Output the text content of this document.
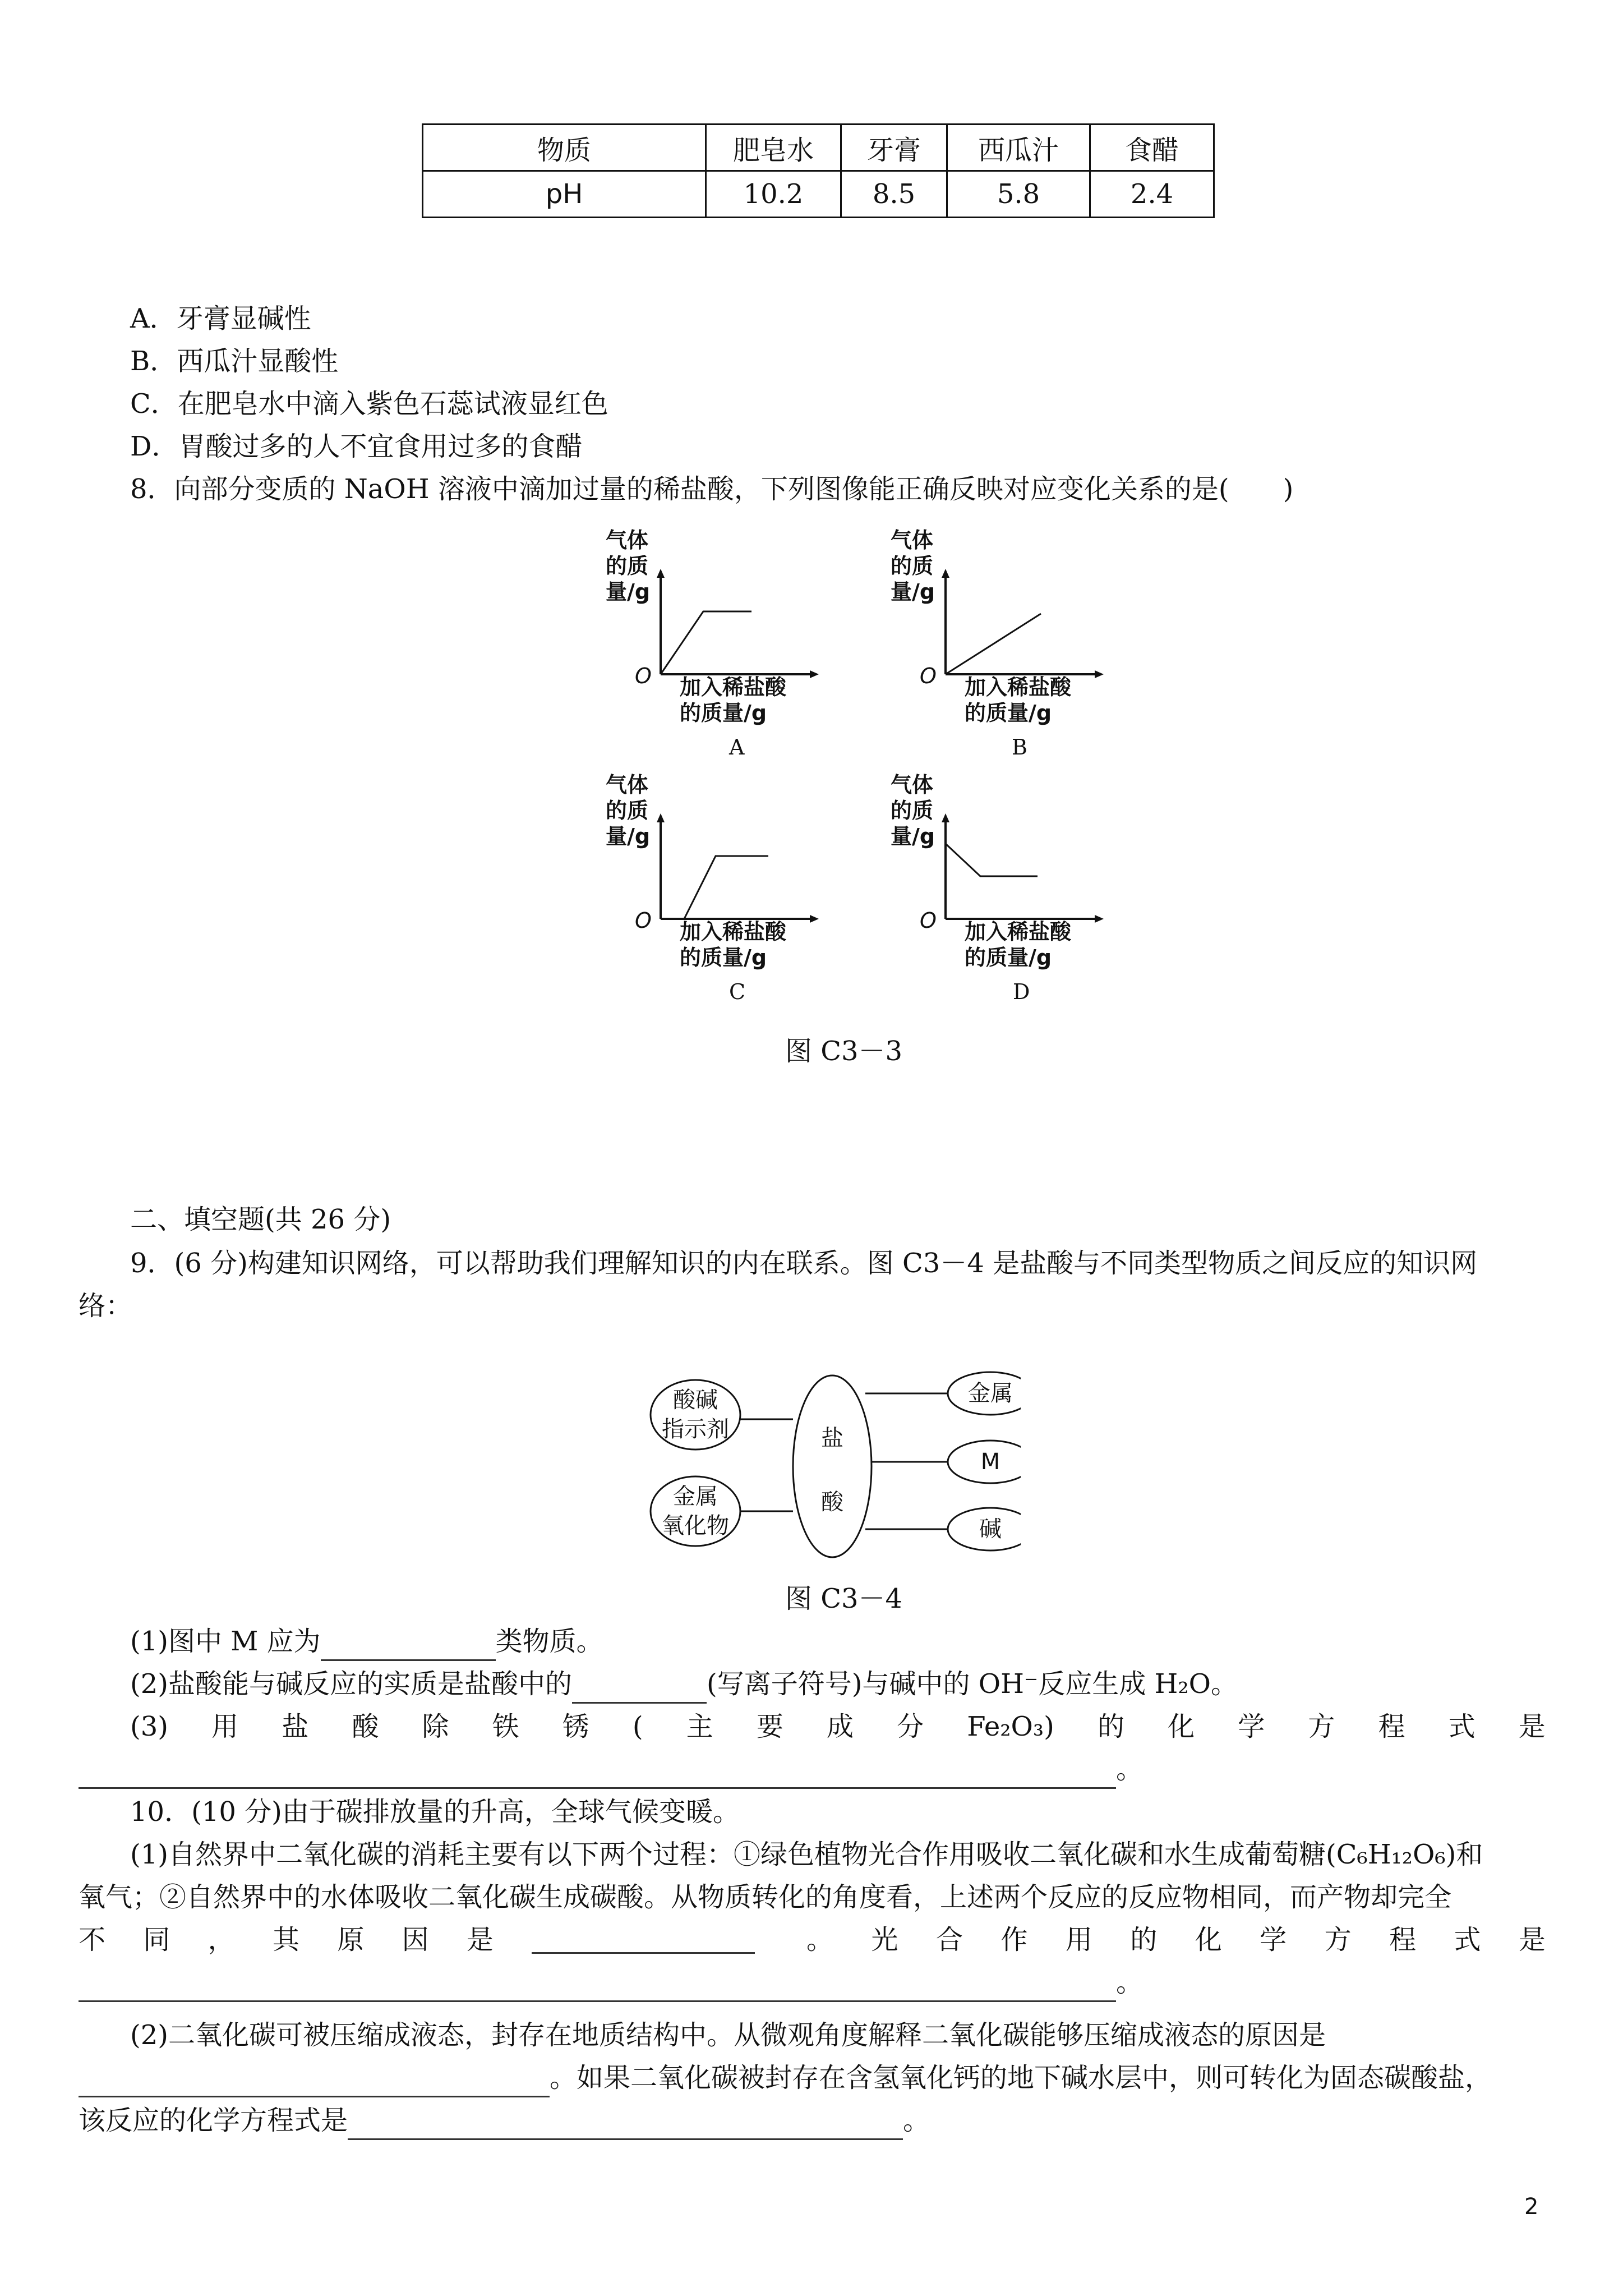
物质	肥皂水	牙膏	西瓜汁	食醋
pH	10.2	8.5	5.8	2.4
A．牙膏显碱性
B．西瓜汁显酸性
C．在肥皂水中滴入紫色石蕊试液显红色
D．胃酸过多的人不宜食用过多的食醋
8．向部分变质的 NaOH 溶液中滴加过量的稀盐酸，下列图像能正确反映对应变化关系的是(　　)
气体
的质
量/g
O 加入稀盐酸
的质量/g
A
气体
的质
量/g
O 加入稀盐酸
的质量/g
B
气体
的质
量/g
O 加入稀盐酸
的质量/g
C
气体
的质
量/g
O 加入稀盐酸
的质量/g
D
图 C3－3
二、填空题(共 26 分)
9．(6 分)构建知识网络，可以帮助我们理解知识的内在联系。图 C3－4 是盐酸与不同类型物质之间反应的知识网
络：
酸碱
指示剂
金属
氧化物
盐
酸
金属
M
碱
图 C3－4
(1)图中 M 应为	类物质。
(2)盐酸能与碱反应的实质是盐酸中的	(写离子符号)与碱中的 OH⁻反应生成 H₂O。
(3) 用 盐 酸 除 铁 锈 ( 主 要 成 分 Fe₂O₃) 的 化 学 方 程 式 是
。
10．(10 分)由于碳排放量的升高，全球气候变暖。
(1)自然界中二氧化碳的消耗主要有以下两个过程：①绿色植物光合作用吸收二氧化碳和水生成葡萄糖(C₆H₁₂O₆)和
氧气；②自然界中的水体吸收二氧化碳生成碳酸。从物质转化的角度看，上述两个反应的反应物相同，而产物却完全
不 同 ， 其 原 因 是	。 光 合 作 用 的 化 学 方 程 式 是
。
(2)二氧化碳可被压缩成液态，封存在地质结构中。从微观角度解释二氧化碳能够压缩成液态的原因是
。如果二氧化碳被封存在含氢氧化钙的地下碱水层中，则可转化为固态碳酸盐，
该反应的化学方程式是	。
2
